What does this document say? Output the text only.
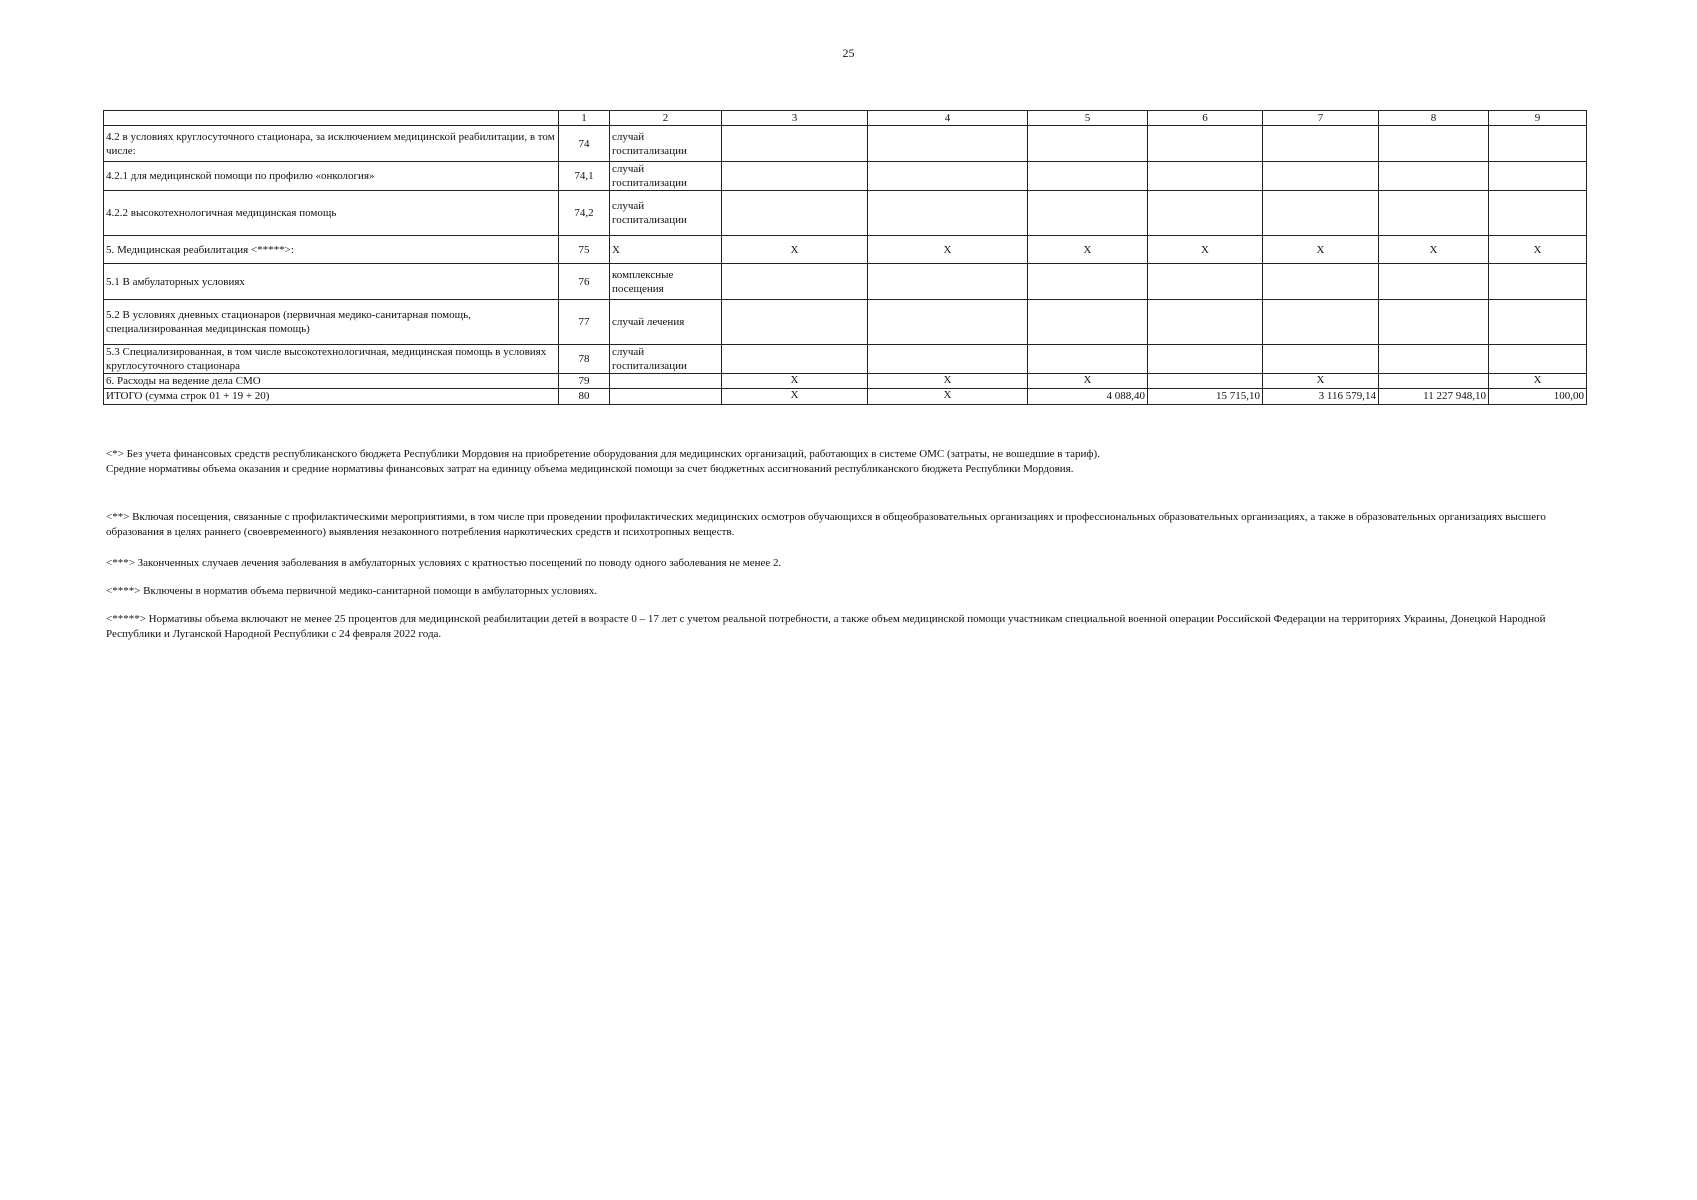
25
	1	2	3	4	5	6	7	8	9
4.2 в условиях круглосуточного стационара, за исключением медицинской реабилитации, в том числе:	74	случай госпитализации							
4.2.1 для медицинской помощи по профилю «онкология»	74,1	случай госпитализации							
4.2.2 высокотехнологичная медицинская помощь	74,2	случай госпитализации							
5. Медицинская реабилитация <*****>:	75	X	X	X	X	X	X	X	X
5.1 В амбулаторных условиях	76	комплексные посещения							
5.2 В условиях дневных стационаров (первичная медико-санитарная помощь, специализированная медицинская помощь)	77	случай лечения							
5.3 Специализированная, в том числе высокотехнологичная, медицинская помощь в условиях круглосуточного стационара	78	случай госпитализации							
6. Расходы на ведение дела СМО	79		X	X	X		X		X
ИТОГО (сумма строк 01 + 19 + 20)	80		X	X	4 088,40	15 715,10	3 116 579,14	11 227 948,10	100,00

<*> Без учета финансовых средств республиканского бюджета Республики Мордовия на приобретение оборудования для медицинских организаций, работающих в системе ОМС (затраты, не вошедшие в тариф).

Средние нормативы объема оказания и средние нормативы финансовых затрат на единицу объема медицинской помощи за счет бюджетных ассигнований республиканского бюджета Республики Мордовия.

<**> Включая посещения, связанные с профилактическими мероприятиями, в том числе при проведении профилактических медицинских осмотров обучающихся в общеобразовательных организациях и профессиональных образовательных организациях, а также в образовательных организациях высшего образования в целях раннего (своевременного) выявления незаконного потребления наркотических средств и психотропных веществ.

<***> Законченных случаев лечения заболевания в амбулаторных условиях с кратностью посещений по поводу одного заболевания не менее 2.

<****> Включены в норматив объема первичной медико-санитарной помощи в амбулаторных условиях.

<*****> Нормативы объема включают не менее 25 процентов для медицинской реабилитации детей в возрасте 0 – 17 лет с учетом реальной потребности, а также объем медицинской помощи участникам специальной военной операции Российской Федерации на территориях Украины, Донецкой Народной Республики и Луганской Народной Республики с 24 февраля 2022 года.
